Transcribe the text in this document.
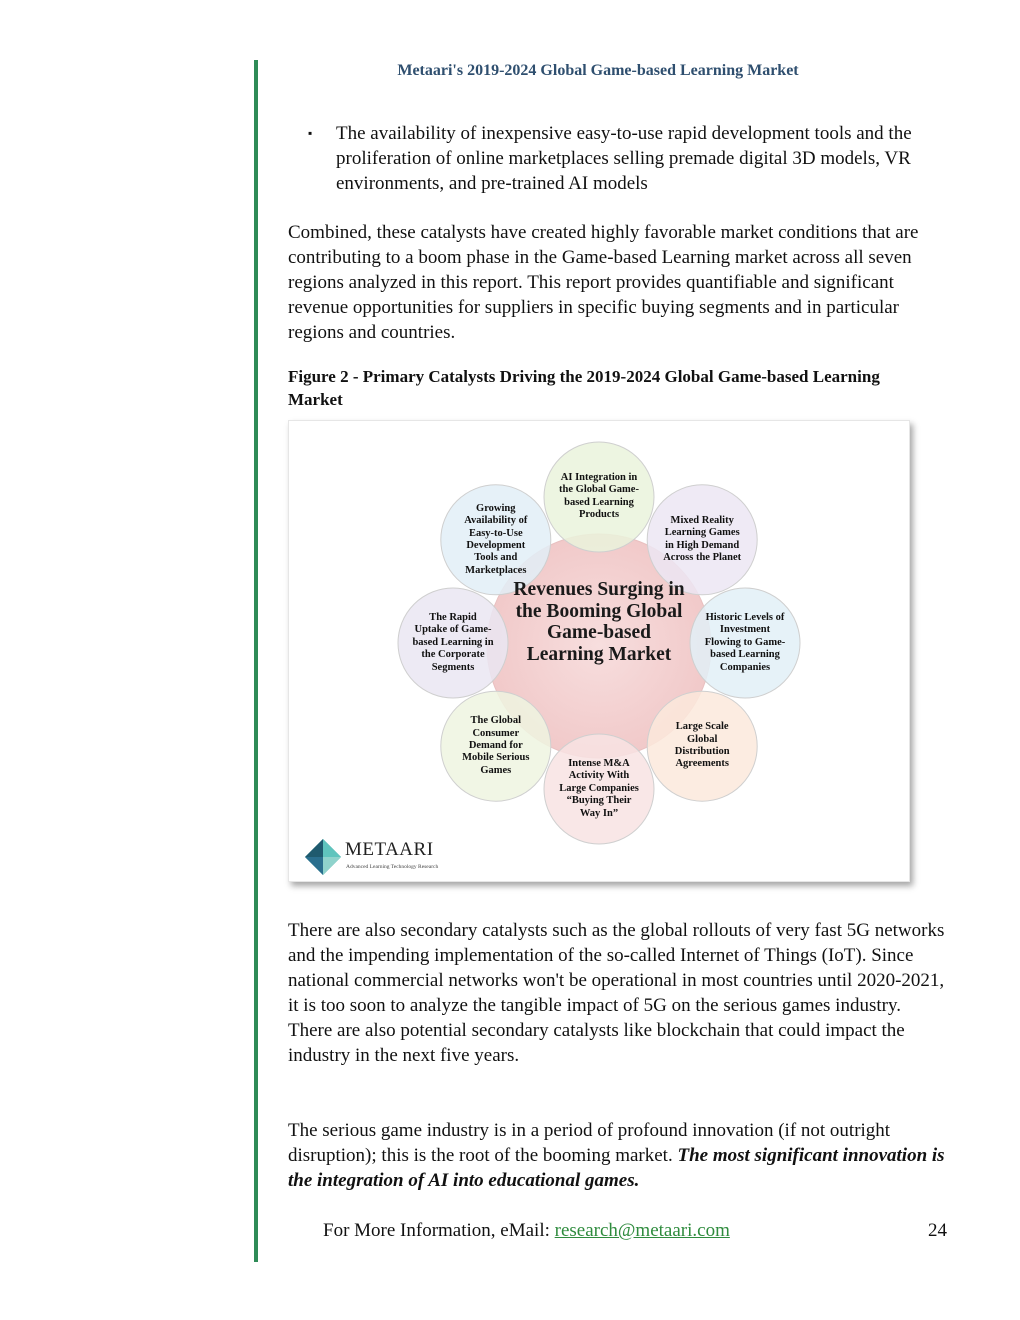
Metaari's 2019-2024 Global Game-based Learning Market
▪ The availability of inexpensive easy-to-use rapid development tools and the proliferation of online marketplaces selling premade digital 3D models, VR environments, and pre-trained AI models
Combined, these catalysts have created highly favorable market conditions that are contributing to a boom phase in the Game-based Learning market across all seven regions analyzed in this report. This report provides quantifiable and significant revenue opportunities for suppliers in specific buying segments and in particular regions and countries.
Figure 2 - Primary Catalysts Driving the 2019-2024 Global Game-based Learning Market
Revenues Surging in the Booming Global Game-based Learning Market
AI Integration in the Global Game-based Learning Products
Mixed Reality Learning Games in High Demand Across the Planet
Historic Levels of Investment Flowing to Game-based Learning Companies
Large Scale Global Distribution Agreements
Intense M&A Activity With Large Companies “Buying Their Way In”
The Global Consumer Demand for Mobile Serious Games
The Rapid Uptake of Game-based Learning in the Corporate Segments
Growing Availability of Easy-to-Use Development Tools and Marketplaces
METAARI
Advanced Learning Technology Research
There are also secondary catalysts such as the global rollouts of very fast 5G networks and the impending implementation of the so-called Internet of Things (IoT). Since national commercial networks won't be operational in most countries until 2020-2021, it is too soon to analyze the tangible impact of 5G on the serious games industry. There are also potential secondary catalysts like blockchain that could impact the industry in the next five years.
The serious game industry is in a period of profound innovation (if not outright disruption); this is the root of the booming market. The most significant innovation is the integration of AI into educational games.
For More Information, eMail: research@metaari.com	24
